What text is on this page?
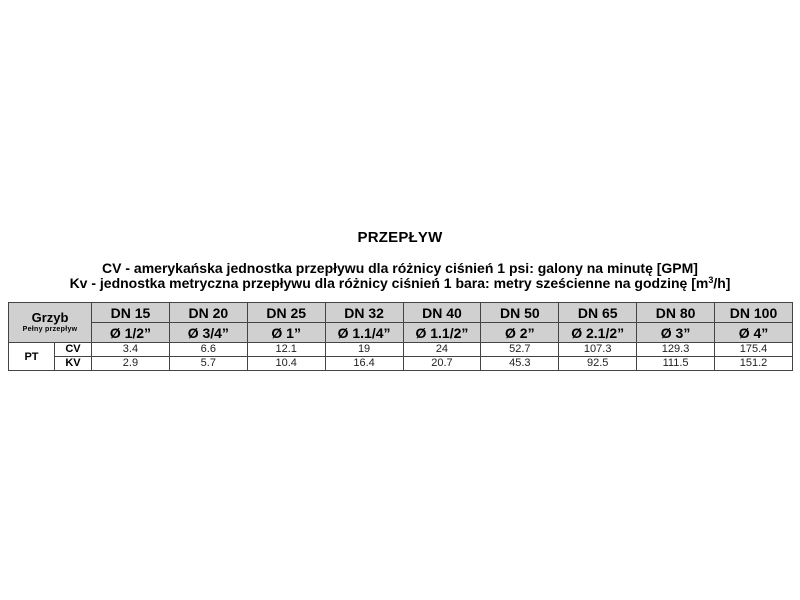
PRZEPŁYW
CV - amerykańska jednostka przepływu dla różnicy ciśnień 1 psi: galony na minutę [GPM]
Kv - jednostka metryczna przepływu dla różnicy ciśnień 1 bara: metry sześcienne na godzinę $[m^3/h]$
Grzyb
Pełny przepływ		DN 15	DN 20	DN 25	DN 32	DN 40	DN 50	DN 65	DN 80	DN 100
		Ø 1/2”	Ø 3/4”	Ø 1”	Ø 1.1/4”	Ø 1.1/2”	Ø 2”	Ø 2.1/2”	Ø 3”	Ø 4”
PT	CV	3.4	6.6	12.1	19	24	52.7	107.3	129.3	175.4
	KV	2.9	5.7	10.4	16.4	20.7	45.3	92.5	111.5	151.2
